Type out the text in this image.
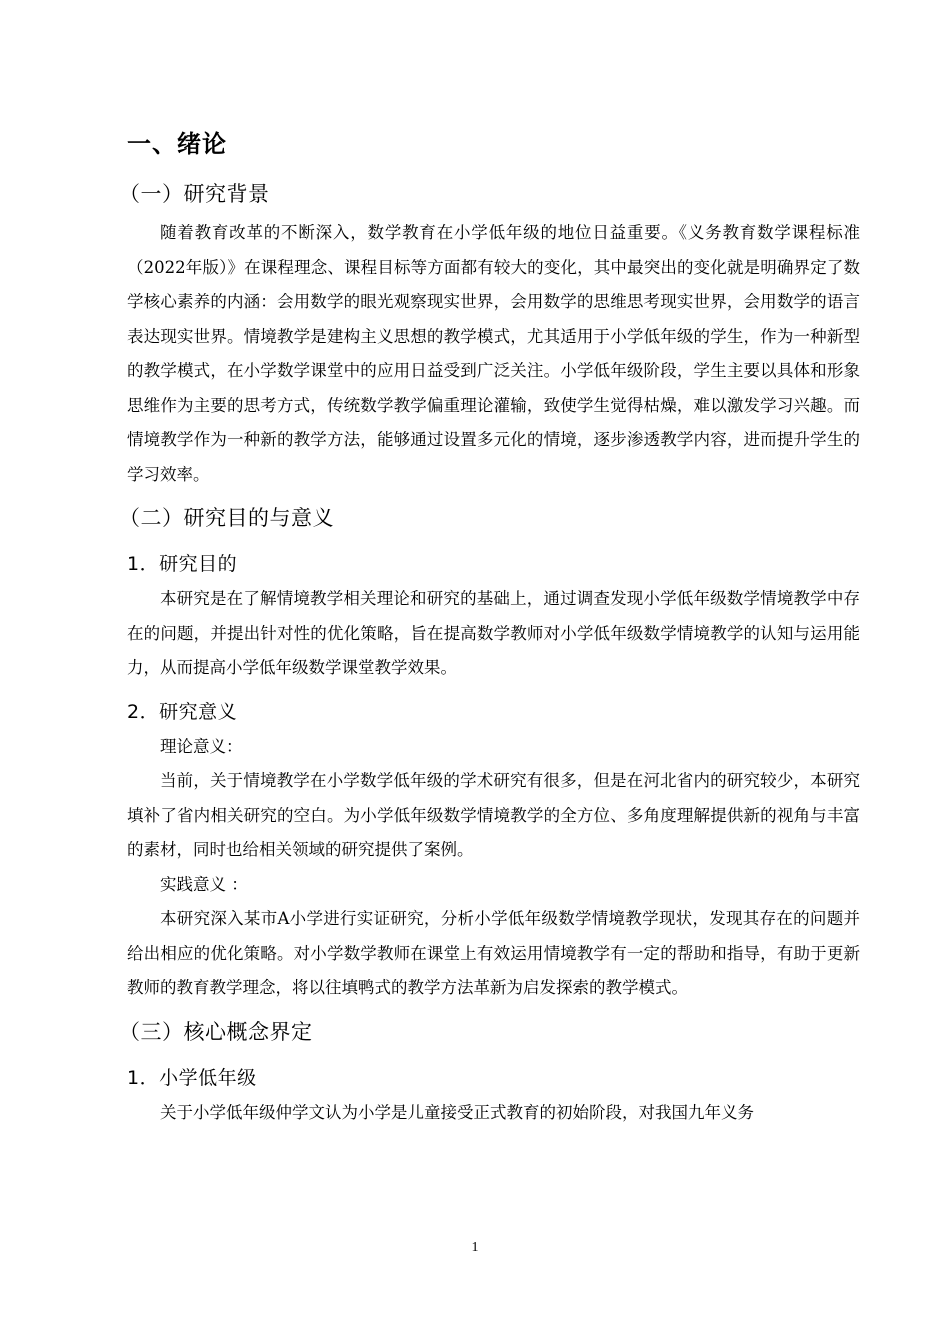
一、绪论
（一）研究背景

随着教育改革的不断深入，数学教育在小学低年级的地位日益重要。《义务教育数学课程标准（2022年版）》在课程理念、课程目标等方面都有较大的变化，其中最突出的变化就是明确界定了数学核心素养的内涵：会用数学的眼光观察现实世界，会用数学的思维思考现实世界，会用数学的语言表达现实世界。情境教学是建构主义思想的教学模式，尤其适用于小学低年级的学生，作为一种新型的教学模式，在小学数学课堂中的应用日益受到广泛关注。小学低年级阶段，学生主要以具体和形象思维作为主要的思考方式，传统数学教学偏重理论灌输，致使学生觉得枯燥，难以激发学习兴趣。而情境教学作为一种新的教学方法，能够通过设置多元化的情境，逐步渗透教学内容，进而提升学生的学习效率。

（二）研究目的与意义
1．研究目的

本研究是在了解情境教学相关理论和研究的基础上，通过调查发现小学低年级数学情境教学中存在的问题，并提出针对性的优化策略，旨在提高数学教师对小学低年级数学情境教学的认知与运用能力，从而提高小学低年级数学课堂教学效果。

2．研究意义

理论意义：

当前，关于情境教学在小学数学低年级的学术研究有很多，但是在河北省内的研究较少，本研究填补了省内相关研究的空白。为小学低年级数学情境教学的全方位、多角度理解提供新的视角与丰富的素材，同时也给相关领域的研究提供了案例。

实践意义 ：

本研究深入某市A小学进行实证研究，分析小学低年级数学情境教学现状，发现其存在的问题并给出相应的优化策略。对小学数学教师在课堂上有效运用情境教学有一定的帮助和指导，有助于更新教师的教育教学理念，将以往填鸭式的教学方法革新为启发探索的教学模式。

（三）核心概念界定
1．小学低年级

关于小学低年级仲学文认为小学是儿童接受正式教育的初始阶段，对我国九年义务

1
